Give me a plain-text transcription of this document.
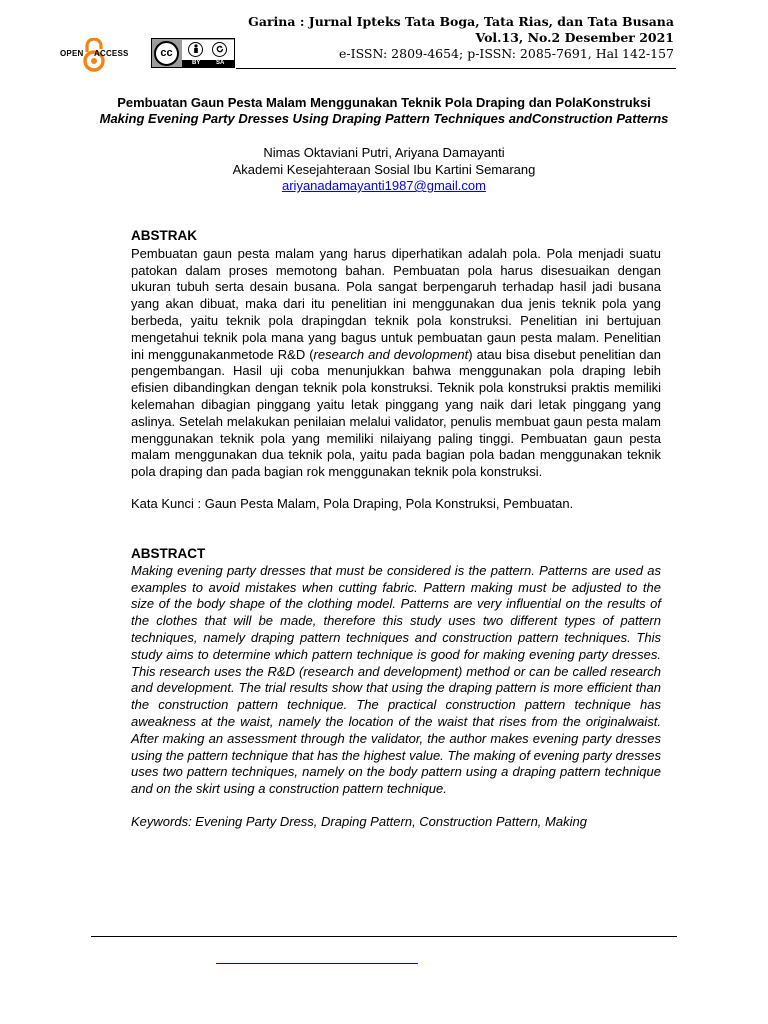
OPEN ACCESS	cc
BY	SA
Garina : Jurnal Ipteks Tata Boga, Tata Rias, dan Tata Busana
Vol.13, No.2 Desember 2021
e-ISSN: 2809-4654; p-ISSN: 2085-7691, Hal 142-157
Pembuatan Gaun Pesta Malam Menggunakan Teknik Pola Draping dan PolaKonstruksi
Making Evening Party Dresses Using Draping Pattern Techniques andConstruction Patterns
Nimas Oktaviani Putri, Ariyana Damayanti
Akademi Kesejahteraan Sosial Ibu Kartini Semarang
ariyanadamayanti1987@gmail.com

ABSTRAK

Pembuatan gaun pesta malam yang harus diperhatikan adalah pola. Pola menjadi suatu patokan dalam proses memotong bahan. Pembuatan pola harus disesuaikan dengan ukuran tubuh serta desain busana. Pola sangat berpengaruh terhadap hasil jadi busana yang akan dibuat, maka dari itu penelitian ini menggunakan dua jenis teknik pola yang berbeda, yaitu teknik pola drapingdan teknik pola konstruksi. Penelitian ini bertujuan mengetahui teknik pola mana yang bagus untuk pembuatan gaun pesta malam. Penelitian ini menggunakanmetode R&D (research and devolopment) atau bisa disebut penelitian dan pengembangan. Hasil uji coba menunjukkan bahwa menggunakan pola draping lebih efisien dibandingkan dengan teknik pola konstruksi. Teknik pola konstruksi praktis memiliki kelemahan dibagian pinggang yaitu letak pinggang yang naik dari letak pinggang yang aslinya. Setelah melakukan penilaian melalui validator, penulis membuat gaun pesta malam menggunakan teknik pola yang memiliki nilaiyang paling tinggi. Pembuatan gaun pesta malam menggunakan dua teknik pola, yaitu pada bagian pola badan menggunakan teknik pola draping dan pada bagian rok menggunakan teknik pola konstruksi.

Kata Kunci : Gaun Pesta Malam, Pola Draping, Pola Konstruksi, Pembuatan.

ABSTRACT

Making evening party dresses that must be considered is the pattern. Patterns are used as examples to avoid mistakes when cutting fabric. Pattern making must be adjusted to the size of the body shape of the clothing model. Patterns are very influential on the results of the clothes that will be made, therefore this study uses two different types of pattern techniques, namely draping pattern techniques and construction pattern techniques. This study aims to determine which pattern technique is good for making evening party dresses. This research uses the R&D (research and development) method or can be called research and development. The trial results show that using the draping pattern is more efficient than the construction pattern technique. The practical construction pattern technique has aweakness at the waist, namely the location of the waist that rises from the originalwaist. After making an assessment through the validator, the author makes evening party dresses using the pattern technique that has the highest value. The making of evening party dresses uses two pattern techniques, namely on the body pattern using a draping pattern technique and on the skirt using a construction pattern technique.

Keywords: Evening Party Dress, Draping Pattern, Construction Pattern, Making
